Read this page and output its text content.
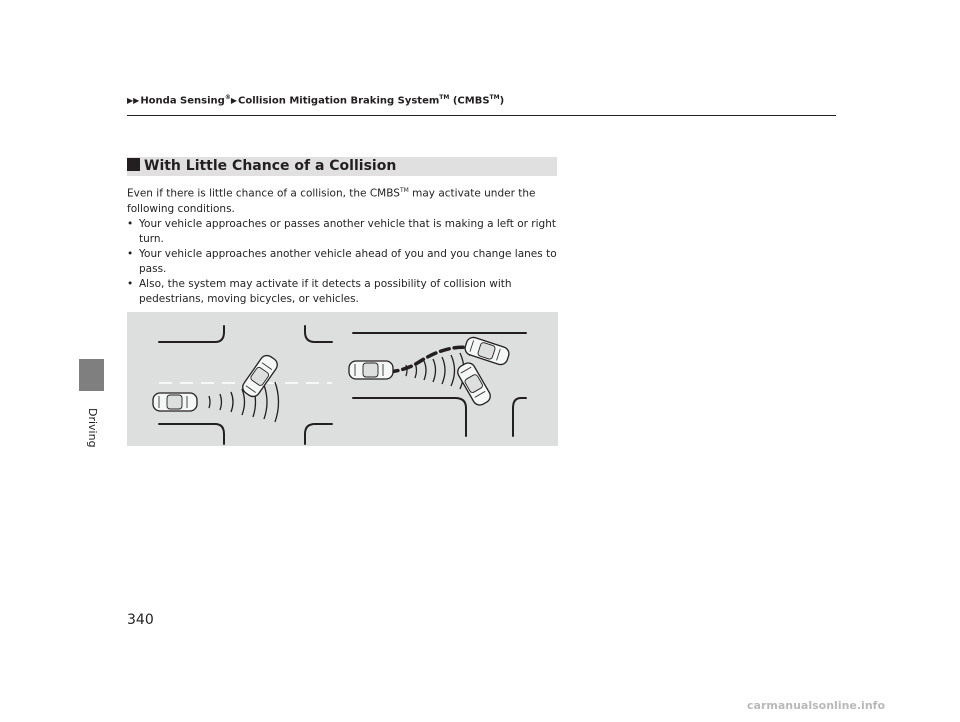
▶▶Honda Sensing®▶Collision Mitigation Braking System™ (CMBS™)
Driving
With Little Chance of a Collision

Even if there is little chance of a collision, the CMBS™ may activate under the following conditions.

• Your vehicle approaches or passes another vehicle that is making a left or right turn.

• Your vehicle approaches another vehicle ahead of you and you change lanes to pass.

• Also, the system may activate if it detects a possibility of collision with pedestrians, moving bicycles, or vehicles.

340
carmanualsonline.info
